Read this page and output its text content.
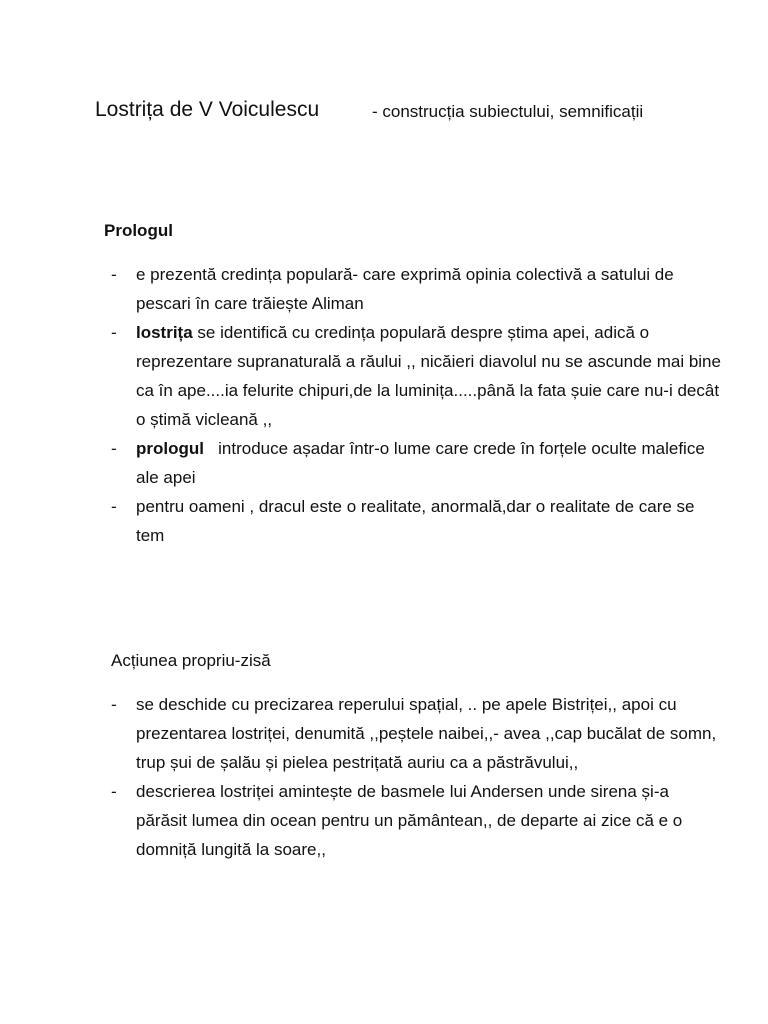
Lostrița de V Voiculescu	- construcția subiectului, semnificații
Prologul
- e prezentă credința populară- care exprimă opinia colectivă a satului de pescari în care trăiește Aliman
- lostrița se identifică cu credința populară despre știma apei, adică o reprezentare supranaturală a răului ,, nicăieri diavolul nu se ascunde mai bine ca în ape....ia felurite chipuri,de la luminița.....până la fata șuie care nu-i decât o știmă vicleană ,,
- prologul   introduce așadar într-o lume care crede în forțele oculte malefice ale apei
- pentru oameni , dracul este o realitate, anormală,dar o realitate de care se tem
Acțiunea propriu-zisă
- se deschide cu precizarea reperului spațial, .. pe apele Bistriței,, apoi cu prezentarea lostriței, denumită ,,peștele naibei,,- avea ,,cap bucălat de somn, trup șui de șalău și pielea pestrițată auriu ca a păstrăvului,,
- descrierea lostriței amintește de basmele lui Andersen unde sirena și-a părăsit lumea din ocean pentru un pământean,, de departe ai zice că e o domniță lungită la soare,,
